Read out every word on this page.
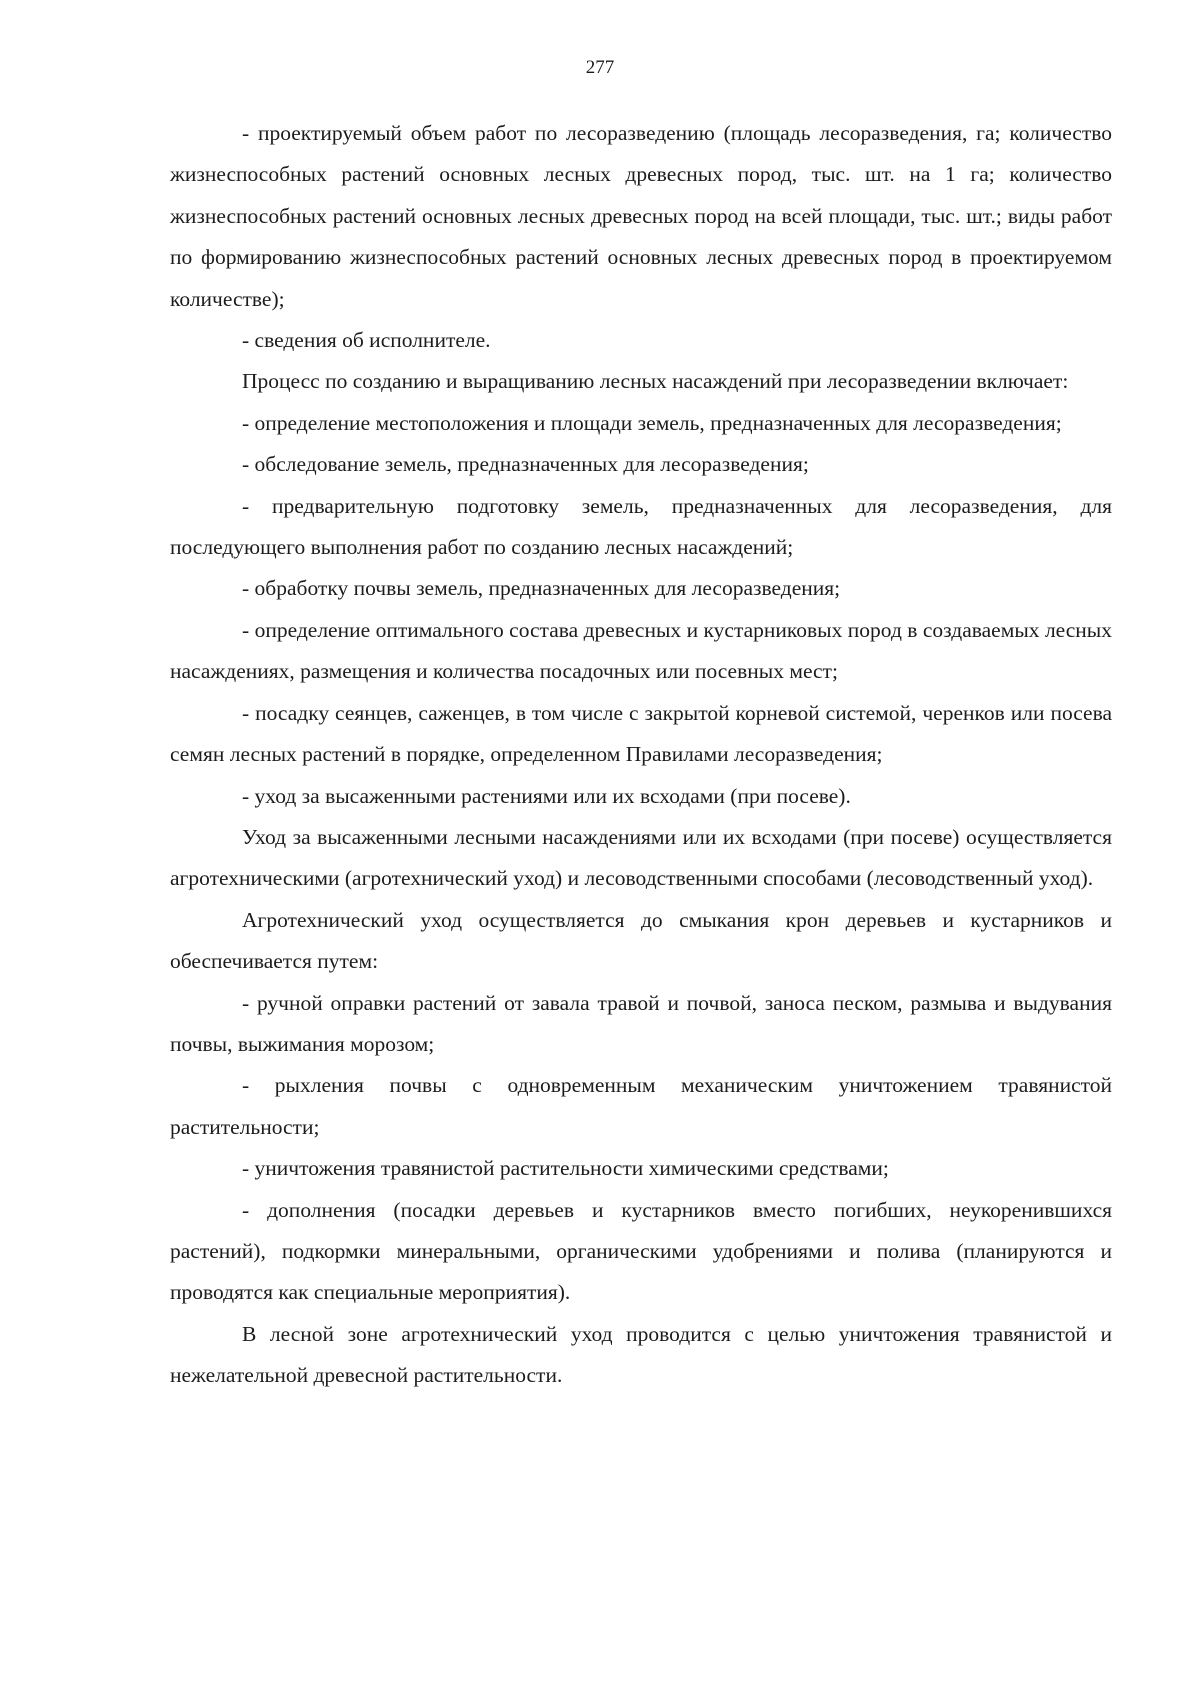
277

- проектируемый объем работ по лесоразведению (площадь лесоразведения, га; количество жизнеспособных растений основных лесных древесных пород, тыс. шт. на 1 га; количество жизнеспособных растений основных лесных древесных пород на всей площади, тыс. шт.; виды работ по формированию жизнеспособных растений основных лесных древесных пород в проектируемом количестве);

- сведения об исполнителе.

Процесс по созданию и выращиванию лесных насаждений при лесоразведении включает:

- определение местоположения и площади земель, предназначенных для лесоразведения;

- обследование земель, предназначенных для лесоразведения;

- предварительную подготовку земель, предназначенных для лесоразведения, для последующего выполнения работ по созданию лесных насаждений;

- обработку почвы земель, предназначенных для лесоразведения;

- определение оптимального состава древесных и кустарниковых пород в создаваемых лесных насаждениях, размещения и количества посадочных или посевных мест;

- посадку сеянцев, саженцев, в том числе с закрытой корневой системой, черенков или посева семян лесных растений в порядке, определенном Правилами лесоразведения;

- уход за высаженными растениями или их всходами (при посеве).

Уход за высаженными лесными насаждениями или их всходами (при посеве) осуществляется агротехническими (агротехнический уход) и лесоводственными способами (лесоводственный уход).

Агротехнический уход осуществляется до смыкания крон деревьев и кустарников и обеспечивается путем:

- ручной оправки растений от завала травой и почвой, заноса песком, размыва и выдувания почвы, выжимания морозом;

- рыхления почвы с одновременным механическим уничтожением травянистой растительности;

- уничтожения травянистой растительности химическими средствами;

- дополнения (посадки деревьев и кустарников вместо погибших, неукоренившихся растений), подкормки минеральными, органическими удобрениями и полива (планируются и проводятся как специальные мероприятия).

В лесной зоне агротехнический уход проводится с целью уничтожения травянистой и нежелательной древесной растительности.
